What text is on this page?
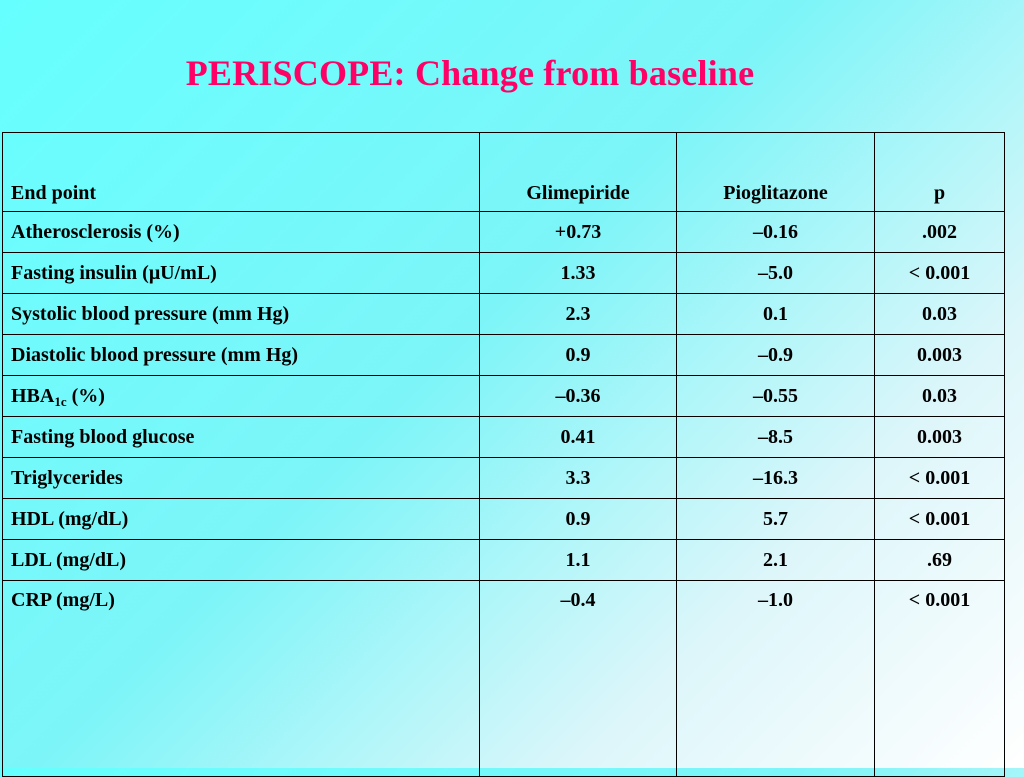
PERISCOPE: Change from baseline
End point	Glimepiride	Pioglitazone	p
Atherosclerosis (%)	+0.73	–0.16	.002
Fasting insulin (μU/mL)	1.33	–5.0	< 0.001
Systolic blood pressure (mm Hg)	2.3	0.1	0.03
Diastolic blood pressure (mm Hg)	0.9	–0.9	0.003
$HBA_{1c}$ (%)	–0.36	–0.55	0.03
Fasting blood glucose	0.41	–8.5	0.003
Triglycerides	3.3	–16.3	< 0.001
HDL (mg/dL)	0.9	5.7	< 0.001
LDL (mg/dL)	1.1	2.1	.69
CRP (mg/L)	–0.4	–1.0	< 0.001
